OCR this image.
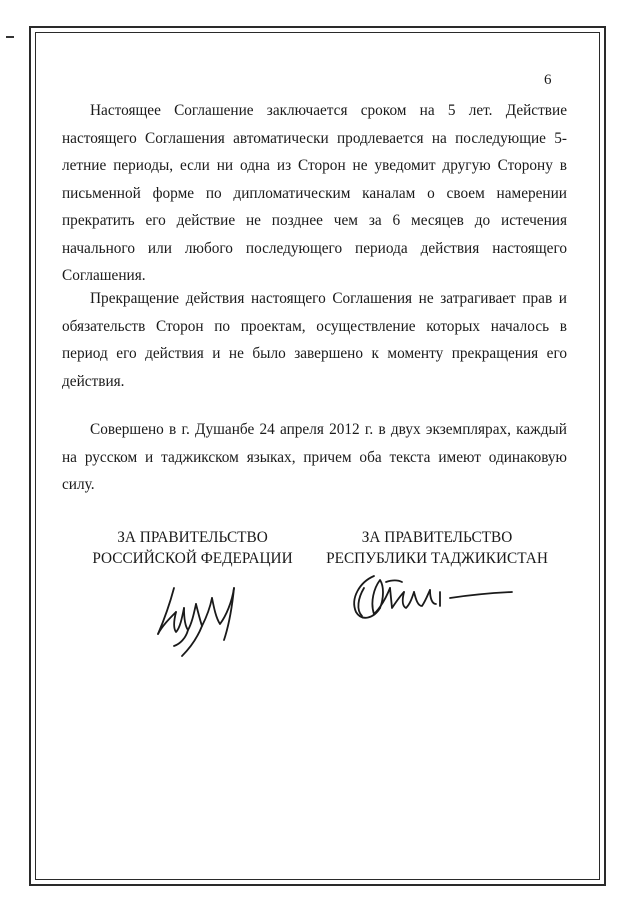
6

Настоящее Соглашение заключается сроком на 5 лет. Действие настоящего Соглашения автоматически продлевается на последующие 5-летние периоды, если ни одна из Сторон не уведомит другую Сторону в письменной форме по дипломатическим каналам о своем намерении прекратить его действие не позднее чем за 6 месяцев до истечения начального или любого последующего периода действия настоящего Соглашения.

Прекращение действия настоящего Соглашения не затрагивает прав и обязательств Сторон по проектам, осуществление которых началось в период его действия и не было завершено к моменту прекращения его действия.

Совершено в г. Душанбе 24 апреля 2012 г. в двух экземплярах, каждый на русском и таджикском языках, причем оба текста имеют одинаковую силу.

ЗА ПРАВИТЕЛЬСТВО
РОССИЙСКОЙ ФЕДЕРАЦИИ
ЗА ПРАВИТЕЛЬСТВО
РЕСПУБЛИКИ ТАДЖИКИСТАН
